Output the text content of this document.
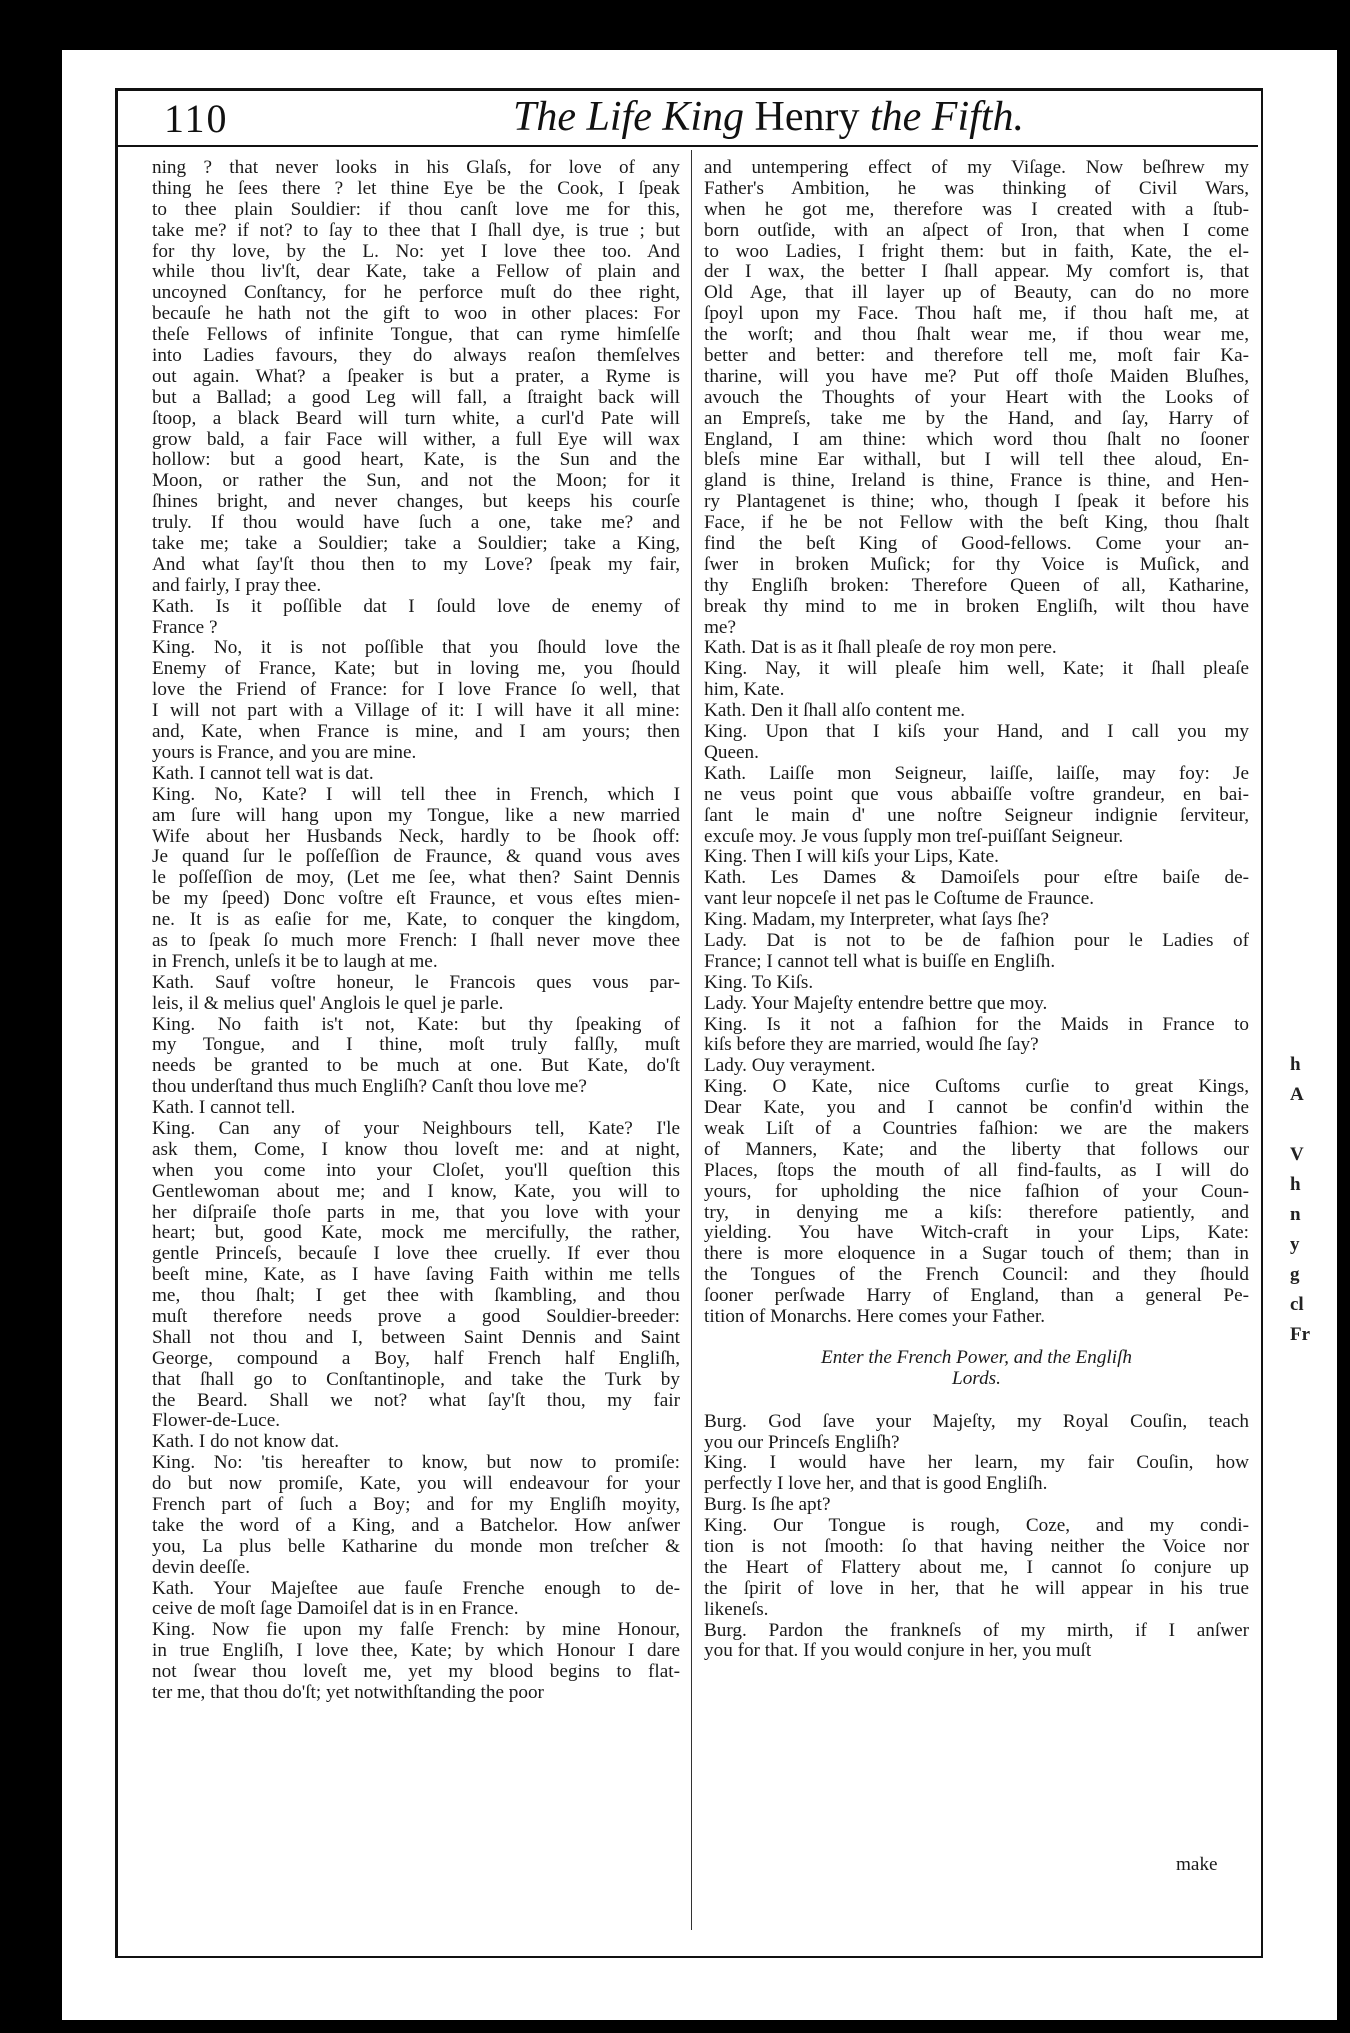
110	The Life King Henry the Fifth.
ning ? that never looks in his Glaſs, for love of any
thing he ſees there ? let thine Eye be the Cook, I ſpeak
to thee plain Souldier: if thou canſt love me for this,
take me? if not? to ſay to thee that I ſhall dye, is true ; but
for thy love, by the L. No: yet I love thee too. And
while thou liv'ſt, dear Kate, take a Fellow of plain and
uncoyned Conſtancy, for he perforce muſt do thee right,
becauſe he hath not the gift to woo in other places: For
theſe Fellows of infinite Tongue, that can ryme himſelſe
into Ladies favours, they do always reaſon themſelves
out again. What? a ſpeaker is but a prater, a Ryme is
but a Ballad; a good Leg will fall, a ſtraight back will
ſtoop, a black Beard will turn white, a curl'd Pate will
grow bald, a fair Face will wither, a full Eye will wax
hollow: but a good heart, Kate, is the Sun and the
Moon, or rather the Sun, and not the Moon; for it
ſhines bright, and never changes, but keeps his courſe
truly. If thou would have ſuch a one, take me? and
take me; take a Souldier; take a Souldier; take a King,
And what ſay'ſt thou then to my Love? ſpeak my fair,
and fairly, I pray thee.
Kath. Is it poſſible dat I ſould love de enemy of
France ?
King. No, it is not poſſible that you ſhould love the
Enemy of France, Kate; but in loving me, you ſhould
love the Friend of France: for I love France ſo well, that
I will not part with a Village of it: I will have it all mine:
and, Kate, when France is mine, and I am yours; then
yours is France, and you are mine.
Kath. I cannot tell wat is dat.
King. No, Kate? I will tell thee in French, which I
am ſure will hang upon my Tongue, like a new married
Wife about her Husbands Neck, hardly to be ſhook off:
Je quand ſur le poſſeſſion de Fraunce, & quand vous aves
le poſſeſſion de moy, (Let me ſee, what then? Saint Dennis
be my ſpeed) Donc voſtre eſt Fraunce, et vous eſtes mien-
ne. It is as eaſie for me, Kate, to conquer the kingdom,
as to ſpeak ſo much more French: I ſhall never move thee
in French, unleſs it be to laugh at me.
Kath. Sauf voſtre honeur, le Francois ques vous par-
leis, il & melius quel' Anglois le quel je parle.
King. No faith is't not, Kate: but thy ſpeaking of
my Tongue, and I thine, moſt truly falſly, muſt
needs be granted to be much at one. But Kate, do'ſt
thou underſtand thus much Engliſh? Canſt thou love me?
Kath. I cannot tell.
King. Can any of your Neighbours tell, Kate? I'le
ask them, Come, I know thou loveſt me: and at night,
when you come into your Cloſet, you'll queſtion this
Gentlewoman about me; and I know, Kate, you will to
her diſpraiſe thoſe parts in me, that you love with your
heart; but, good Kate, mock me mercifully, the rather,
gentle Princeſs, becauſe I love thee cruelly. If ever thou
beeſt mine, Kate, as I have ſaving Faith within me tells
me, thou ſhalt; I get thee with ſkambling, and thou
muſt therefore needs prove a good Souldier-breeder:
Shall not thou and I, between Saint Dennis and Saint
George, compound a Boy, half French half Engliſh,
that ſhall go to Conſtantinople, and take the Turk by
the Beard. Shall we not? what ſay'ſt thou, my fair
Flower-de-Luce.
Kath. I do not know dat.
King. No: 'tis hereafter to know, but now to promiſe:
do but now promiſe, Kate, you will endeavour for your
French part of ſuch a Boy; and for my Engliſh moyity,
take the word of a King, and a Batchelor. How anſwer
you, La plus belle Katharine du monde mon treſcher &
devin deeſſe.
Kath. Your Majeſtee aue fauſe Frenche enough to de-
ceive de moſt ſage Damoiſel dat is in en France.
King. Now fie upon my falſe French: by mine Honour,
in true Engliſh, I love thee, Kate; by which Honour I dare
not ſwear thou loveſt me, yet my blood begins to flat-
ter me, that thou do'ſt; yet notwithſtanding the poor
and untempering effect of my Viſage. Now beſhrew my
Father's Ambition, he was thinking of Civil Wars,
when he got me, therefore was I created with a ſtub-
born outſide, with an aſpect of Iron, that when I come
to woo Ladies, I fright them: but in faith, Kate, the el-
der I wax, the better I ſhall appear. My comfort is, that
Old Age, that ill layer up of Beauty, can do no more
ſpoyl upon my Face. Thou haſt me, if thou haſt me, at
the worſt; and thou ſhalt wear me, if thou wear me,
better and better: and therefore tell me, moſt fair Ka-
tharine, will you have me? Put off thoſe Maiden Bluſhes,
avouch the Thoughts of your Heart with the Looks of
an Empreſs, take me by the Hand, and ſay, Harry of
England, I am thine: which word thou ſhalt no ſooner
bleſs mine Ear withall, but I will tell thee aloud, En-
gland is thine, Ireland is thine, France is thine, and Hen-
ry Plantagenet is thine; who, though I ſpeak it before his
Face, if he be not Fellow with the beſt King, thou ſhalt
find the beſt King of Good-fellows. Come your an-
ſwer in broken Muſick; for thy Voice is Muſick, and
thy Engliſh broken: Therefore Queen of all, Katharine,
break thy mind to me in broken Engliſh, wilt thou have
me?
Kath. Dat is as it ſhall pleaſe de roy mon pere.
King. Nay, it will pleaſe him well, Kate; it ſhall pleaſe
him, Kate.
Kath. Den it ſhall alſo content me.
King. Upon that I kiſs your Hand, and I call you my
Queen.
Kath. Laiſſe mon Seigneur, laiſſe, laiſſe, may foy: Je
ne veus point que vous abbaiſſe voſtre grandeur, en bai-
ſant le main d' une noſtre Seigneur indignie ſerviteur,
excuſe moy. Je vous ſupply mon treſ-puiſſant Seigneur.
King. Then I will kiſs your Lips, Kate.
Kath. Les Dames & Damoiſels pour eſtre baiſe de-
vant leur nopceſe il net pas le Coſtume de Fraunce.
King. Madam, my Interpreter, what ſays ſhe?
Lady. Dat is not to be de faſhion pour le Ladies of
France; I cannot tell what is buiſſe en Engliſh.
King. To Kiſs.
Lady. Your Majeſty entendre bettre que moy.
King. Is it not a faſhion for the Maids in France to
kiſs before they are married, would ſhe ſay?
Lady. Ouy verayment.
King. O Kate, nice Cuſtoms curſie to great Kings,
Dear Kate, you and I cannot be confin'd within the
weak Liſt of a Countries faſhion: we are the makers
of Manners, Kate; and the liberty that follows our
Places, ſtops the mouth of all find-faults, as I will do
yours, for upholding the nice faſhion of your Coun-
try, in denying me a kiſs: therefore patiently, and
yielding. You have Witch-craft in your Lips, Kate:
there is more eloquence in a Sugar touch of them; than in
the Tongues of the French Council: and they ſhould
ſooner perſwade Harry of England, than a general Pe-
tition of Monarchs. Here comes your Father.
Enter the French Power, and the Engliſh
Lords.
Burg. God ſave your Majeſty, my Royal Couſin, teach
you our Princeſs Engliſh?
King. I would have her learn, my fair Couſin, how
perfectly I love her, and that is good Engliſh.
Burg. Is ſhe apt?
King. Our Tongue is rough, Coze, and my condi-
tion is not ſmooth: ſo that having neither the Voice nor
the Heart of Flattery about me, I cannot ſo conjure up
the ſpirit of love in her, that he will appear in his true
likeneſs.
Burg. Pardon the frankneſs of my mirth, if I anſwer
you for that. If you would conjure in her, you muſt
make
h
A
V
h
n
y
g
cl
Fr
